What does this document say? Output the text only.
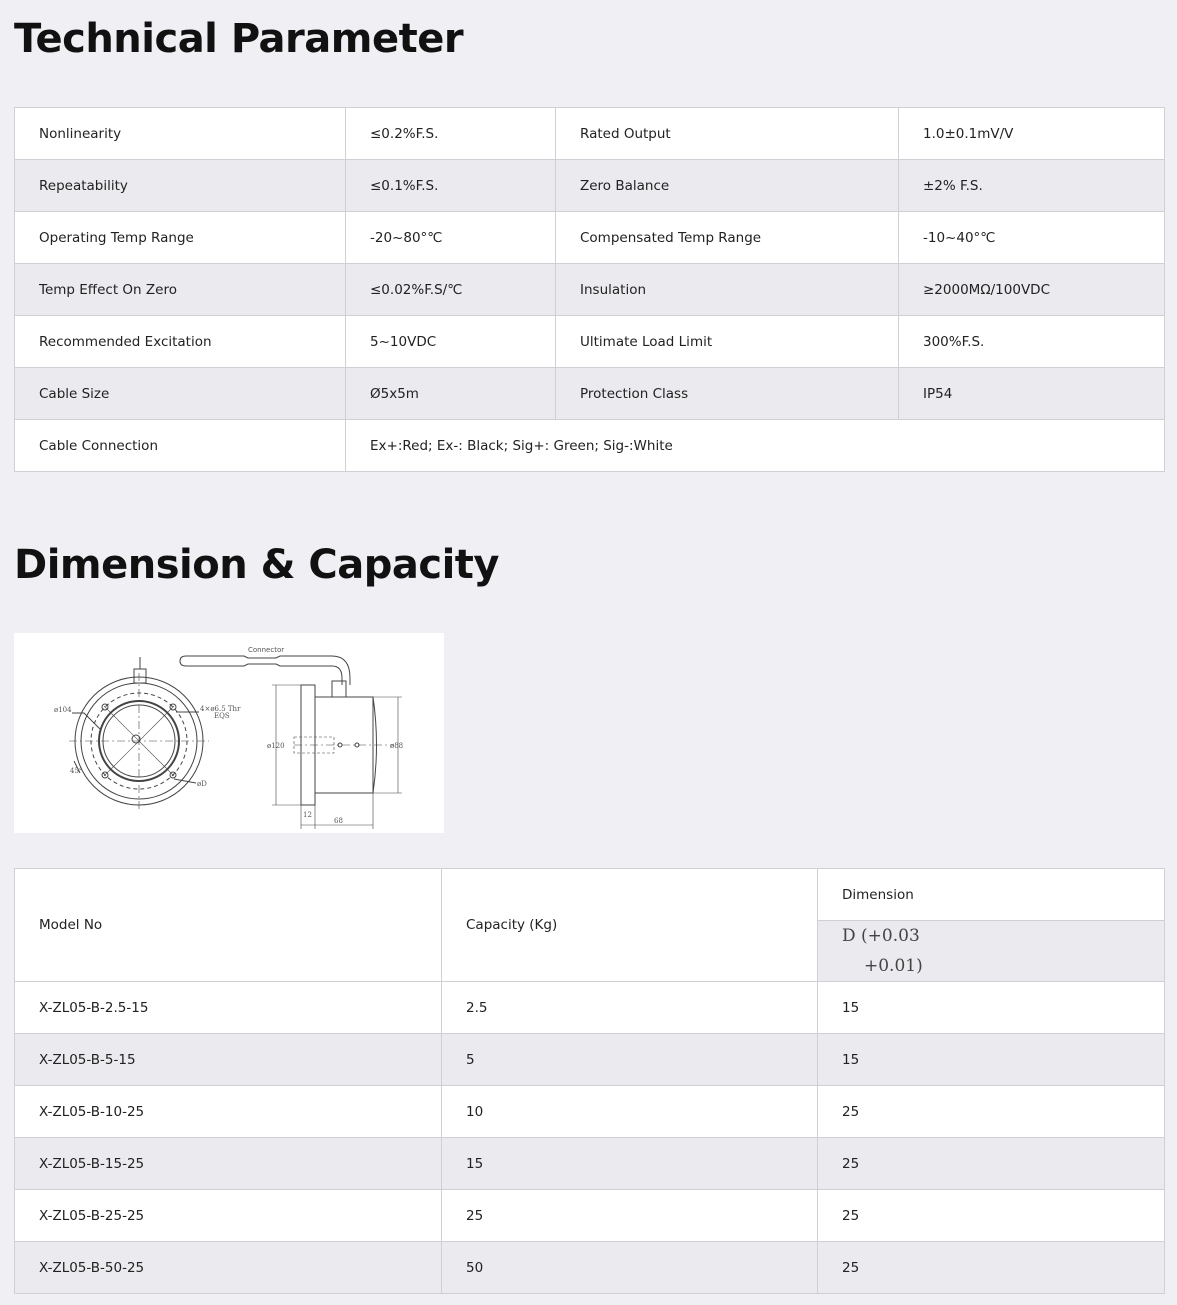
Technical Parameter
Nonlinearity	≤0.2%F.S.	Rated Output	1.0±0.1mV/V
Repeatability	≤0.1%F.S.	Zero Balance	±2% F.S.
Operating Temp Range	-20~80°℃	Compensated Temp Range	-10~40°℃
Temp Effect On Zero	≤0.02%F.S/℃	Insulation	≥2000MΩ/100VDC
Recommended Excitation	5~10VDC	Ultimate Load Limit	300%F.S.
Cable Size	Ø5x5m	Protection Class	IP54
Cable Connection	Ex+:Red; Ex-: Black; Sig+: Green; Sig-:White		
Dimension & Capacity
Connector
ø104	4×ø6.5 Thr
EQS
45°
øD
ø120	ø88
12
68
Model No	Capacity (Kg)	Dimension
		D (+0.03
+0.01)

X-ZL05-B-2.5-15	2.5	15
X-ZL05-B-5-15	5	15
X-ZL05-B-10-25	10	25
X-ZL05-B-15-25	15	25
X-ZL05-B-25-25	25	25
X-ZL05-B-50-25	50	25
